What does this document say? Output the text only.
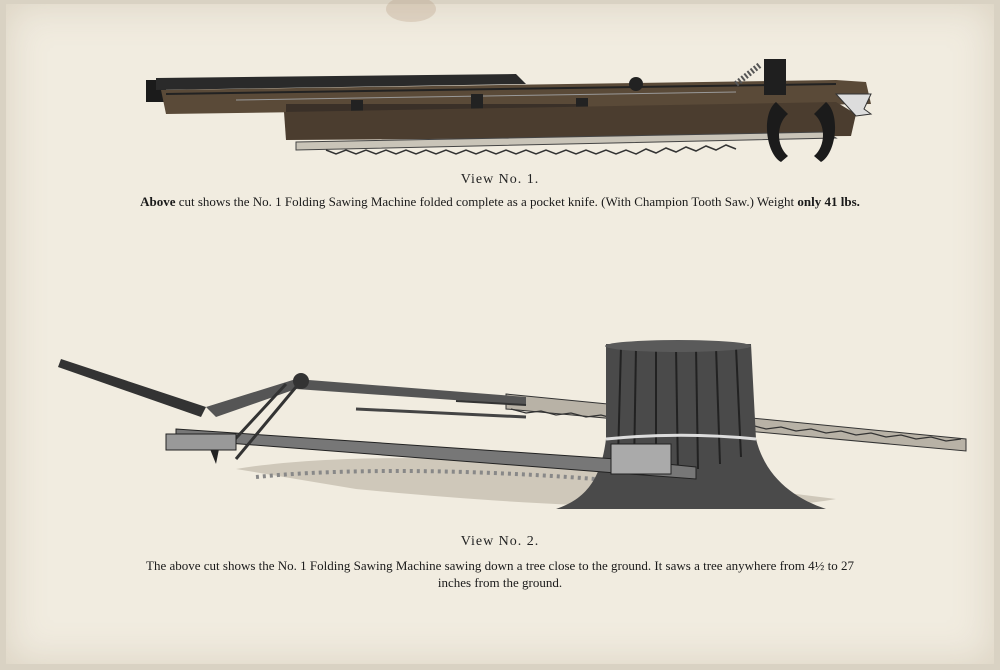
View No. 1.
Above cut shows the No. 1 Folding Sawing Machine folded complete as a pocket knife. (With Champion Tooth Saw.) Weight only 41 lbs.
View No. 2.
The above cut shows the No. 1 Folding Sawing Machine sawing down a tree close to the ground. It saws a tree anywhere from 4½ to 27
inches from the ground.
